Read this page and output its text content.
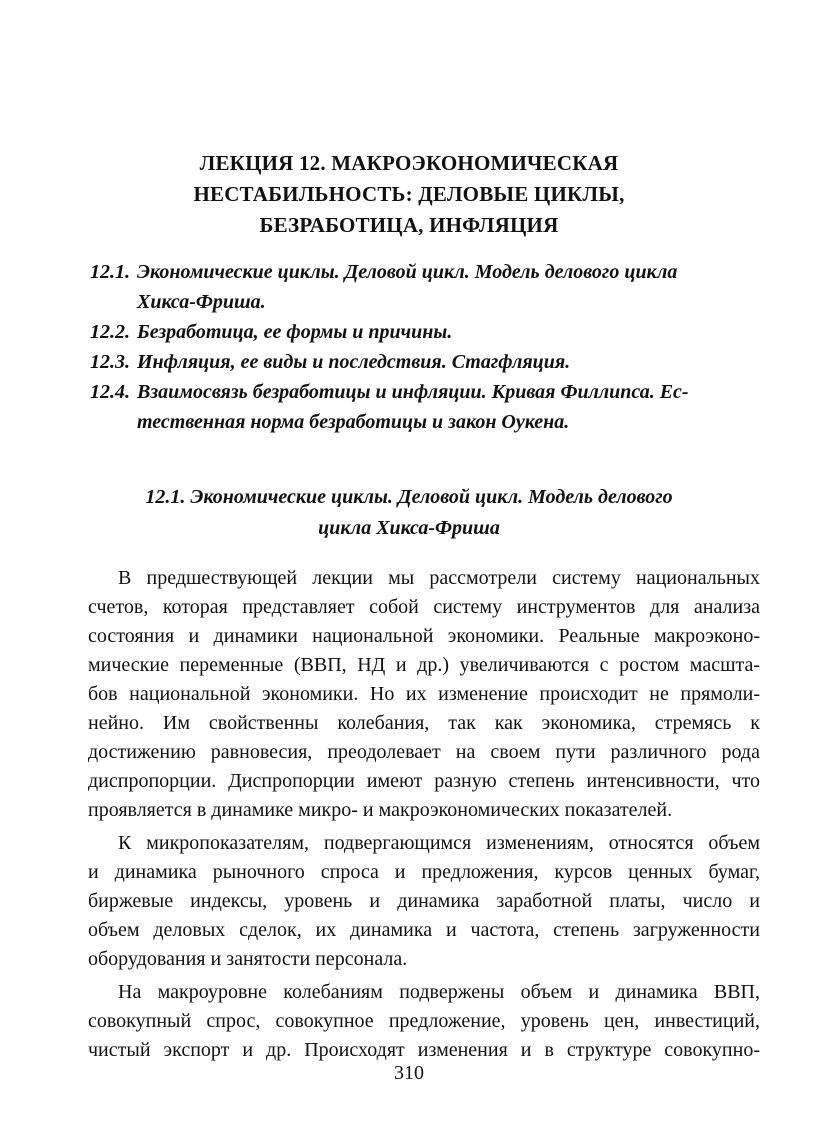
ЛЕКЦИЯ 12. МАКРОЭКОНОМИЧЕСКАЯ
НЕСТАБИЛЬНОСТЬ: ДЕЛОВЫЕ ЦИКЛЫ,
БЕЗРАБОТИЦА, ИНФЛЯЦИЯ
12.1. Экономические циклы. Деловой цикл. Модель делового цикла
Хикса-Фриша.
12.2. Безработица, ее формы и причины.
12.3. Инфляция, ее виды и последствия. Стагфляция.
12.4. Взаимосвязь безработицы и инфляции. Кривая Филлипса. Ес-
тественная норма безработицы и закон Оукена.
12.1. Экономические циклы. Деловой цикл. Модель делового
цикла Хикса-Фриша
В предшествующей лекции мы рассмотрели систему национальных
счетов, которая представляет собой систему инструментов для анализа
состояния и динамики национальной экономики. Реальные макроэконо-
мические переменные (ВВП, НД и др.) увеличиваются с ростом масшта-
бов национальной экономики. Но их изменение происходит не прямоли-
нейно. Им свойственны колебания, так как экономика, стремясь к
достижению равновесия, преодолевает на своем пути различного рода
диспропорции. Диспропорции имеют разную степень интенсивности, что
проявляется в динамике микро- и макроэкономических показателей.
К микропоказателям, подвергающимся изменениям, относятся объем
и динамика рыночного спроса и предложения, курсов ценных бумаг,
биржевые индексы, уровень и динамика заработной платы, число и
объем деловых сделок, их динамика и частота, степень загруженности
оборудования и занятости персонала.
На макроуровне колебаниям подвержены объем и динамика ВВП,
совокупный спрос, совокупное предложение, уровень цен, инвестиций,
чистый экспорт и др. Происходят изменения и в структуре совокупно-
310
